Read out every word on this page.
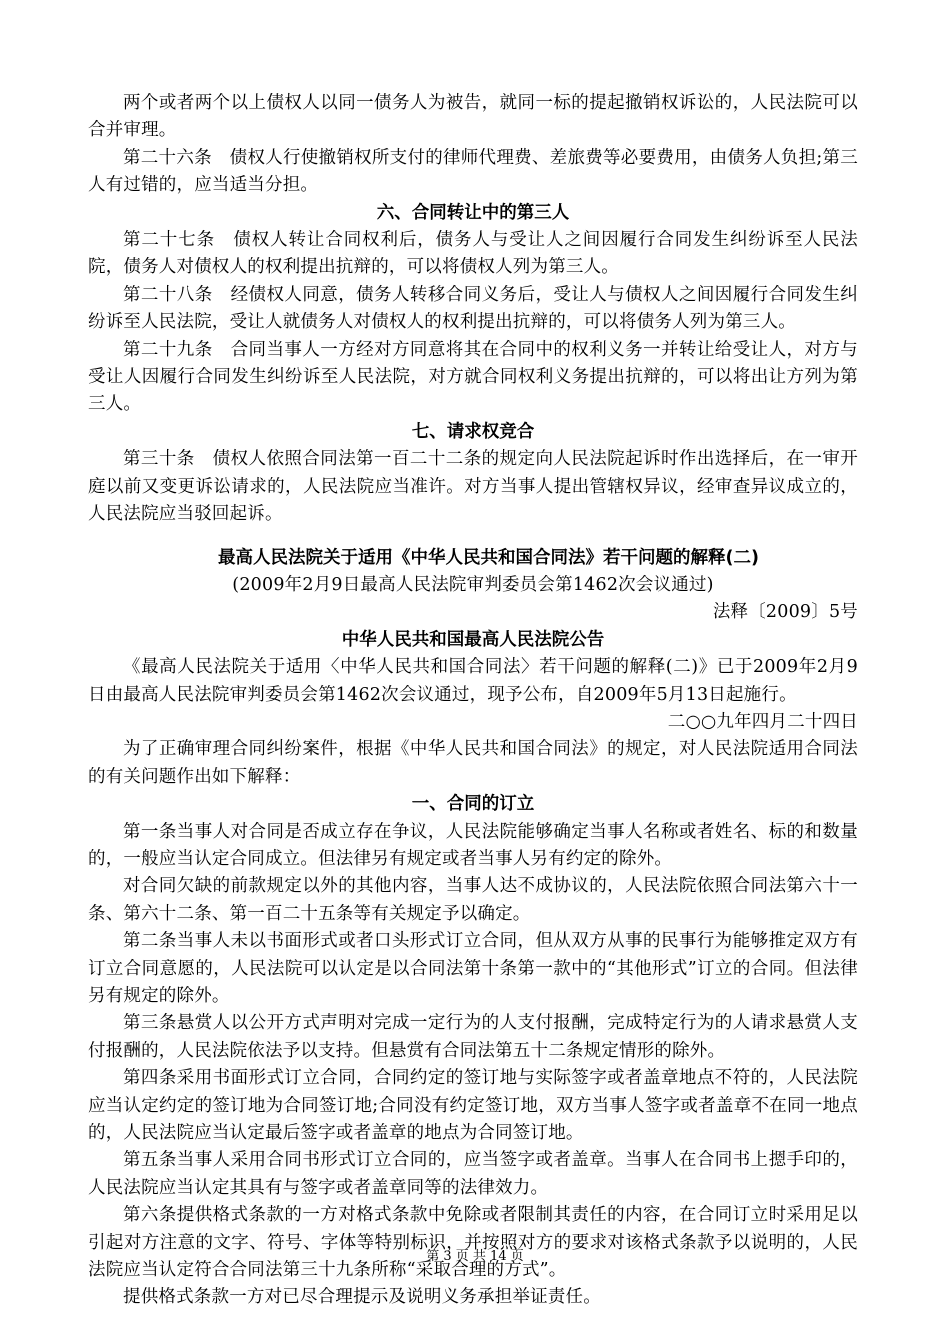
两个或者两个以上债权人以同一债务人为被告，就同一标的提起撤销权诉讼的，人民法院可以合并审理。

第二十六条　债权人行使撤销权所支付的律师代理费、差旅费等必要费用，由债务人负担;第三人有过错的，应当适当分担。

六、合同转让中的第三人

第二十七条　债权人转让合同权利后，债务人与受让人之间因履行合同发生纠纷诉至人民法院，债务人对债权人的权利提出抗辩的，可以将债权人列为第三人。

第二十八条　经债权人同意，债务人转移合同义务后，受让人与债权人之间因履行合同发生纠纷诉至人民法院，受让人就债务人对债权人的权利提出抗辩的，可以将债务人列为第三人。

第二十九条　合同当事人一方经对方同意将其在合同中的权利义务一并转让给受让人，对方与受让人因履行合同发生纠纷诉至人民法院，对方就合同权利义务提出抗辩的，可以将出让方列为第三人。

七、请求权竞合

第三十条　债权人依照合同法第一百二十二条的规定向人民法院起诉时作出选择后，在一审开庭以前又变更诉讼请求的，人民法院应当准许。对方当事人提出管辖权异议，经审查异议成立的，人民法院应当驳回起诉。

最高人民法院关于适用《中华人民共和国合同法》若干问题的解释(二)

(2009年2月9日最高人民法院审判委员会第1462次会议通过)

法释〔2009〕5号

中华人民共和国最高人民法院公告

《最高人民法院关于适用〈中华人民共和国合同法〉若干问题的解释(二)》已于2009年2月9日由最高人民法院审判委员会第1462次会议通过，现予公布，自2009年5月13日起施行。

二○○九年四月二十四日

为了正确审理合同纠纷案件，根据《中华人民共和国合同法》的规定，对人民法院适用合同法的有关问题作出如下解释：

一、合同的订立

第一条当事人对合同是否成立存在争议，人民法院能够确定当事人名称或者姓名、标的和数量的，一般应当认定合同成立。但法律另有规定或者当事人另有约定的除外。

对合同欠缺的前款规定以外的其他内容，当事人达不成协议的，人民法院依照合同法第六十一条、第六十二条、第一百二十五条等有关规定予以确定。

第二条当事人未以书面形式或者口头形式订立合同，但从双方从事的民事行为能够推定双方有订立合同意愿的，人民法院可以认定是以合同法第十条第一款中的“其他形式”订立的合同。但法律另有规定的除外。

第三条悬赏人以公开方式声明对完成一定行为的人支付报酬，完成特定行为的人请求悬赏人支付报酬的，人民法院依法予以支持。但悬赏有合同法第五十二条规定情形的除外。

第四条采用书面形式订立合同，合同约定的签订地与实际签字或者盖章地点不符的，人民法院应当认定约定的签订地为合同签订地;合同没有约定签订地，双方当事人签字或者盖章不在同一地点的，人民法院应当认定最后签字或者盖章的地点为合同签订地。

第五条当事人采用合同书形式订立合同的，应当签字或者盖章。当事人在合同书上摁手印的，人民法院应当认定其具有与签字或者盖章同等的法律效力。

第六条提供格式条款的一方对格式条款中免除或者限制其责任的内容，在合同订立时采用足以引起对方注意的文字、符号、字体等特别标识，并按照对方的要求对该格式条款予以说明的，人民法院应当认定符合合同法第三十九条所称“采取合理的方式”。

提供格式条款一方对已尽合理提示及说明义务承担举证责任。

第 3 页 共 14 页
